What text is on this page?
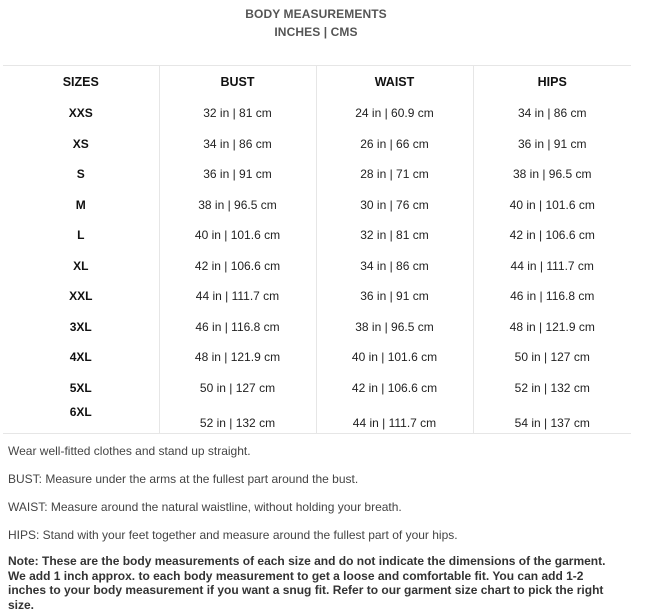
BODY MEASUREMENTS
INCHES | CMS
SIZES	BUST	WAIST	HIPS
XXS	32 in | 81 cm	24 in | 60.9 cm	34 in | 86 cm
XS	34 in | 86 cm	26 in | 66 cm	36 in | 91 cm
S	36 in | 91 cm	28 in | 71 cm	38 in | 96.5 cm
M	38 in | 96.5 cm	30 in | 76 cm	40 in | 101.6 cm
L	40 in | 101.6 cm	32 in | 81 cm	42 in | 106.6 cm
XL	42 in | 106.6 cm	34 in | 86 cm	44 in | 111.7 cm
XXL	44 in | 111.7 cm	36 in | 91 cm	46 in | 116.8 cm
3XL	46 in | 116.8 cm	38 in | 96.5 cm	48 in | 121.9 cm
4XL	48 in | 121.9 cm	40 in | 101.6 cm	50 in | 127 cm
5XL	50 in | 127 cm	42 in | 106.6 cm	52 in | 132 cm
6XL	52 in | 132 cm	44 in | 111.7 cm	54 in | 137 cm

Wear well-fitted clothes and stand up straight.

BUST: Measure under the arms at the fullest part around the bust.

WAIST: Measure around the natural waistline, without holding your breath.

HIPS: Stand with your feet together and measure around the fullest part of your hips.

Note: These are the body measurements of each size and do not indicate the dimensions of the garment. We add 1 inch approx. to each body measurement to get a loose and comfortable fit. You can add 1-2 inches to your body measurement if you want a snug fit. Refer to our garment size chart to pick the right size.
